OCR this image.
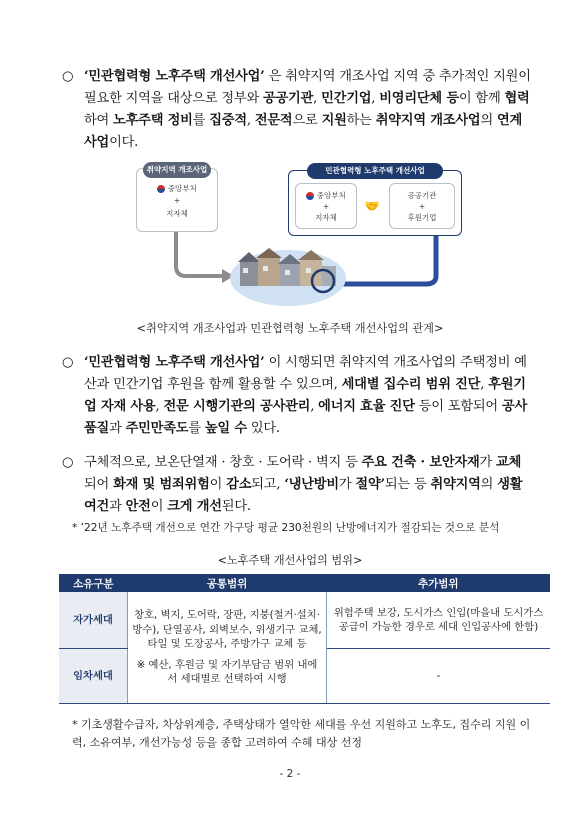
○ ‘민관협력형 노후주택 개선사업’ 은 취약지역 개조사업 지역 중 추가적인 지원이 필요한 지역을 대상으로 정부와 공공기관, 민간기업, 비영리단체 등이 함께 협력하여 노후주택 정비를 집중적, 전문적으로 지원하는 취약지역 개조사업의 연계사업이다.
취약지역 개조사업
중앙부처
+
지자체
민관협력형 노후주택 개선사업
중앙부처
+
지자체
🤝
공공기관
+
후원기업
<취약지역 개조사업과 민관협력형 노후주택 개선사업의 관계>
○ ‘민관협력형 노후주택 개선사업’ 이 시행되면 취약지역 개조사업의 주택정비 예산과 민간기업 후원을 함께 활용할 수 있으며, 세대별 집수리 범위 진단, 후원기업 자재 사용, 전문 시행기관의 공사관리, 에너지 효율 진단 등이 포함되어 공사품질과 주민만족도를 높일 수 있다.
○ 구체적으로, 보온단열재 · 창호 · 도어락 · 벽지 등 주요 건축 · 보안자재가 교체되어 화재 및 범죄위험이 감소되고, ‘냉난방비가 절약’되는 등 취약지역의 생활여건과 안전이 크게 개선된다.
* ’22년 노후주택 개선으로 연간 가구당 평균 230천원의 난방에너지가 절감되는 것으로 분석
<노후주택 개선사업의 범위>
소유구분	공통범위	추가범위
자가세대	창호, 벽지, 도어락, 장판, 지붕(철거·설치·방수), 단열공사, 외벽보수, 위생기구 교체, 타일 및 도장공사, 주방가구 교체 등
※ 예산, 후원금 및 자기부담금 범위 내에서 세대별로 선택하여 시행	위험주택 보강, 도시가스 인입(마을내 도시가스 공급이 가능한 경우로 세대 인입공사에 한함)
임차세대		-
* 기초생활수급자, 차상위계층, 주택상태가 열악한 세대를 우선 지원하고 노후도, 집수리 지원 이력, 소유여부, 개선가능성 등을 종합 고려하여 수혜 대상 선정
- 2 -
